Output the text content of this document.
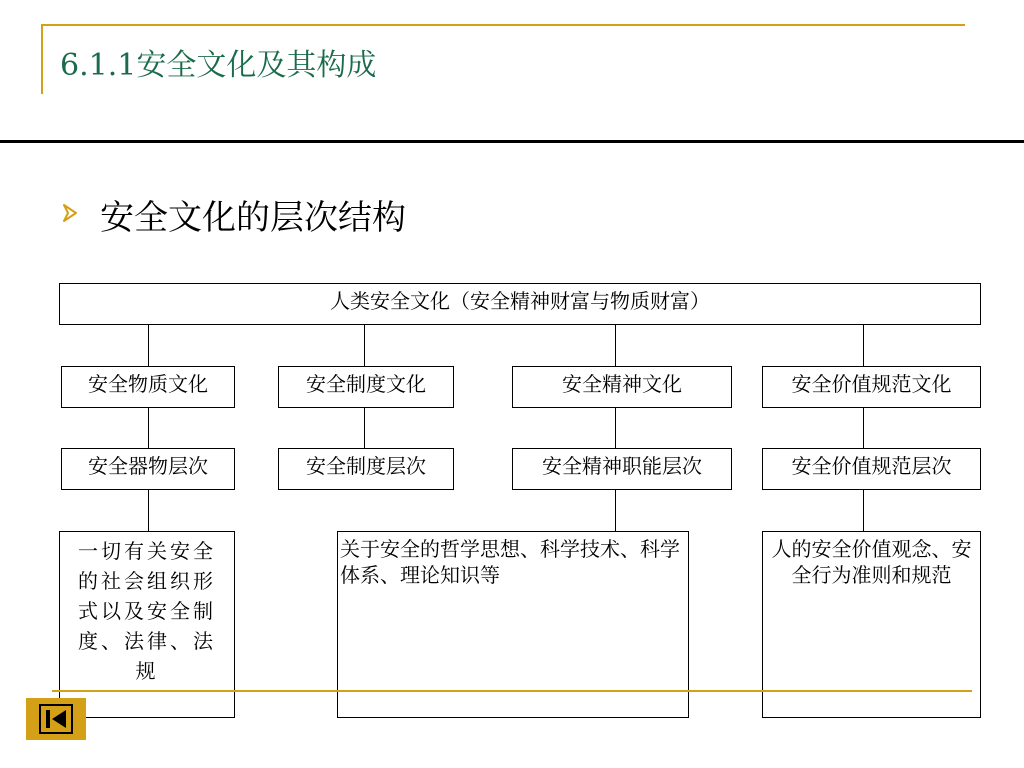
6.1.1安全文化及其构成
安全文化的层次结构
人类安全文化（安全精神财富与物质财富）
安全物质文化	安全制度文化	安全精神文化	安全价值规范文化
安全器物层次	安全制度层次	安全精神职能层次	安全价值规范层次
一切有关安全的社会组织形式以及安全制度、法律、法规
关于安全的哲学思想、科学技术、科学体系、理论知识等
人的安全价值观念、安全行为准则和规范
